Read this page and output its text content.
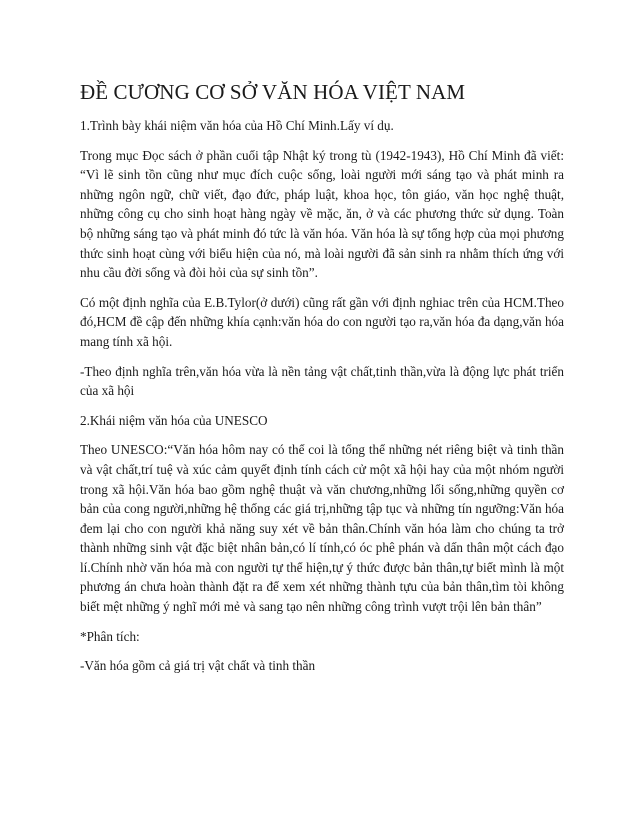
ĐỀ CƯƠNG CƠ SỞ VĂN HÓA VIỆT NAM

1.Trình bày khái niệm văn hóa của Hồ Chí Minh.Lấy ví dụ.

Trong mục Đọc sách ở phần cuối tập Nhật ký trong tù (1942-1943), Hồ Chí Minh đã viết: “Vì lẽ sinh tồn cũng như mục đích cuộc sống, loài người mới sáng tạo và phát minh ra những ngôn ngữ, chữ viết, đạo đức, pháp luật, khoa học, tôn giáo, văn học nghệ thuật, những công cụ cho sinh hoạt hàng ngày về mặc, ăn, ở và các phương thức sử dụng. Toàn bộ những sáng tạo và phát minh đó tức là văn hóa. Văn hóa là sự tổng hợp của mọi phương thức sinh hoạt cùng với biểu hiện của nó, mà loài người đã sản sinh ra nhằm thích ứng với nhu cầu đời sống và đòi hỏi của sự sinh tồn”.

Có một định nghĩa của E.B.Tylor(ở dưới) cũng rất gần với định nghiac trên của HCM.Theo đó,HCM đề cập đến những khía cạnh:văn hóa do con người tạo ra,văn hóa đa dạng,văn hóa mang tính xã hội.

-Theo định nghĩa trên,văn hóa vừa là nền tảng vật chất,tinh thần,vừa là động lực phát triển của xã hội

2.Khái niệm văn hóa của UNESCO

Theo UNESCO:“Văn hóa hôm nay có thể coi là tổng thể những nét riêng biệt và tinh thần và vật chất,trí tuệ và xúc cảm quyết định tính cách cử một xã hội hay của một nhóm người trong xã hội.Văn hóa bao gồm nghệ thuật và văn chương,những lối sống,những quyền cơ bản của cong người,những hệ thống các giá trị,những tập tục và những tín ngưỡng:Văn hóa đem lại cho con người khả năng suy xét về bản thân.Chính văn hóa làm cho chúng ta trở thành những sinh vật đặc biệt nhân bản,có lí tính,có óc phê phán và dấn thân một cách đạo lí.Chính nhờ văn hóa mà con người tự thể hiện,tự ý thức được bản thân,tự biết mình là một phương án chưa hoàn thành đặt ra để xem xét những thành tựu của bản thân,tìm tòi không biết mệt những ý nghĩ mới mẻ và sang tạo nên những công trình vượt trội lên bản thân”

*Phân tích:

-Văn hóa gồm cả giá trị vật chất và tinh thần
